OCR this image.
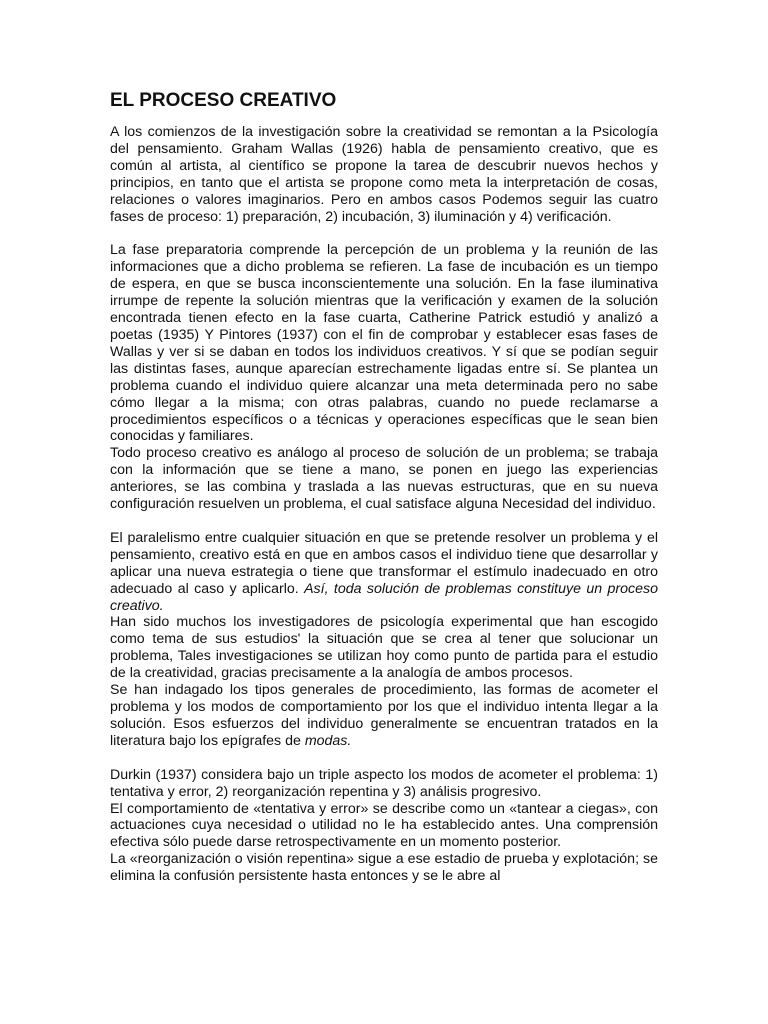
EL PROCESO CREATIVO

A los comienzos de la investigación sobre la creatividad se remontan a la Psicología del pensamiento. Graham Wallas (1926) habla de pensamiento creativo, que es común al artista, al científico se propone la tarea de descubrir nuevos hechos y principios, en tanto que el artista se propone como meta la interpretación de cosas, relaciones o valores imaginarios. Pero en ambos casos Podemos seguir las cuatro fases de proceso: 1) preparación, 2) incubación, 3) iluminación y 4) verificación.

La fase preparatoria comprende la percepción de un problema y la reunión de las informaciones que a dicho problema se refieren. La fase de incubación es un tiempo de espera, en que se busca inconscientemente una solución. En la fase iluminativa irrumpe de repente la solución mientras que la verificación y examen de la solución encontrada tienen efecto en la fase cuarta, Catherine Patrick estudió y analizó a poetas (1935) Y Pintores (1937) con el fin de comprobar y establecer esas fases de Wallas y ver si se daban en todos los individuos creativos. Y sí que se podían seguir las distintas fases, aunque aparecían estrechamente ligadas entre sí. Se plantea un problema cuando el individuo quiere alcanzar una meta determinada pero no sabe cómo llegar a la misma; con otras palabras, cuando no puede reclamarse a procedimientos específicos o a técnicas y operaciones específicas que le sean bien conocidas y familiares.

Todo proceso creativo es análogo al proceso de solución de un problema; se trabaja con la información que se tiene a mano, se ponen en juego las experiencias anteriores, se las combina y traslada a las nuevas estructuras, que en su nueva configuración resuelven un problema, el cual satisface alguna Necesidad del individuo.

El paralelismo entre cualquier situación en que se pretende resolver un problema y el pensamiento, creativo está en que en ambos casos el individuo tiene que desarrollar y aplicar una nueva estrategia o tiene que transformar el estímulo inadecuado en otro adecuado al caso y aplicarlo. Así, toda solución de problemas constituye un proceso creativo.

Han sido muchos los investigadores de psicología experimental que han escogido como tema de sus estudios' la situación que se crea al tener que solucionar un problema, Tales investigaciones se utilizan hoy como punto de partida para el estudio de la creatividad, gracias precisamente a la analogía de ambos procesos.

Se han indagado los tipos generales de procedimiento, las formas de acometer el problema y los modos de comportamiento por los que el individuo intenta llegar a la solución. Esos esfuerzos del individuo generalmente se encuentran tratados en la literatura bajo los epígrafes de modas.

Durkin (1937) considera bajo un triple aspecto los modos de acometer el problema: 1) tentativa y error, 2) reorganización repentina y 3) análisis progresivo.

El comportamiento de «tentativa y error» se describe como un «tantear a ciegas», con actuaciones cuya necesidad o utilidad no le ha establecido antes. Una comprensión efectiva sólo puede darse retrospectivamente en un momento posterior.

La «reorganización o visión repentina» sigue a ese estadio de prueba y explotación; se elimina la confusión persistente hasta entonces y se le abre al
